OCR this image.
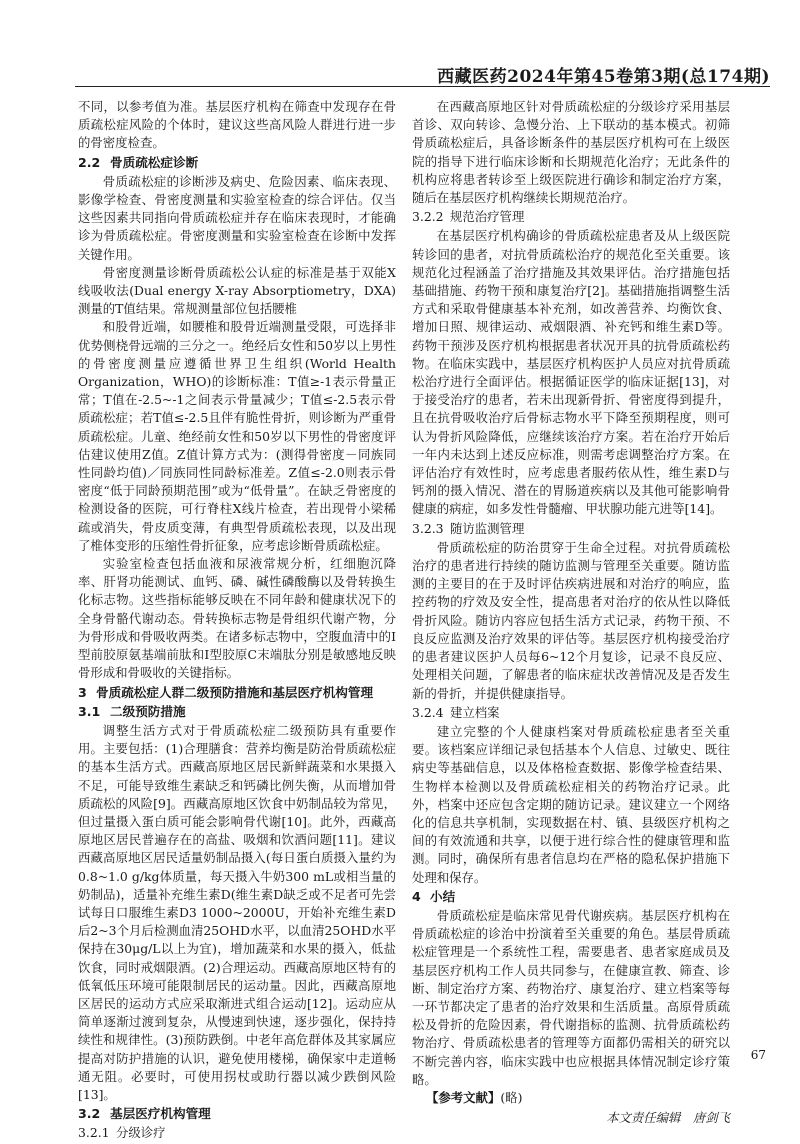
西藏医药2024年第45卷第3期(总174期)

不同，以参考值为准。基层医疗机构在筛查中发现存在骨质疏松症风险的个体时，建议这些高风险人群进行进一步的骨密度检查。

2.2 骨质疏松症诊断

骨质疏松症的诊断涉及病史、危险因素、临床表现、影像学检查、骨密度测量和实验室检查的综合评估。仅当这些因素共同指向骨质疏松症并存在临床表现时，才能确诊为骨质疏松症。骨密度测量和实验室检查在诊断中发挥关键作用。

骨密度测量诊断骨质疏松公认症的标准是基于双能X线吸收法(Dual energy X-ray Absorptiometry，DXA)测量的T值结果。常规测量部位包括腰椎

和股骨近端，如腰椎和股骨近端测量受限，可选择非优势侧桡骨远端的三分之一。绝经后女性和50岁以上男性的骨密度测量应遵循世界卫生组织(World Health Organization，WHO)的诊断标准：T值≥-1表示骨量正常；T值在-2.5~-1之间表示骨量减少；T值≤-2.5表示骨质疏松症；若T值≤-2.5且伴有脆性骨折，则诊断为严重骨质疏松症。儿童、绝经前女性和50岁以下男性的骨密度评估建议使用Z值。Z值计算方式为：(测得骨密度－同族同性同龄均值)／同族同性同龄标准差。Z值≤-2.0则表示骨密度“低于同龄预期范围”或为“低骨量”。在缺乏骨密度的检测设备的医院，可行脊柱X线片检查，若出现骨小梁稀疏或消失，骨皮质变薄，有典型骨质疏松表现，以及出现了椎体变形的压缩性骨折征象，应考虑诊断骨质疏松症。

实验室检查包括血液和尿液常规分析，红细胞沉降率、肝肾功能测试、血钙、磷、碱性磷酸酶以及骨转换生化标志物。这些指标能够反映在不同年龄和健康状况下的全身骨骼代谢动态。骨转换标志物是骨组织代谢产物，分为骨形成和骨吸收两类。在诸多标志物中，空腹血清中的Ⅰ型前胶原氨基端前肽和Ⅰ型胶原C末端肽分别是敏感地反映骨形成和骨吸收的关键指标。

3 骨质疏松症人群二级预防措施和基层医疗机构管理
3.1 二级预防措施

调整生活方式对于骨质疏松症二级预防具有重要作用。主要包括：(1)合理膳食：营养均衡是防治骨质疏松症的基本生活方式。西藏高原地区居民新鲜蔬菜和水果摄入不足，可能导致维生素缺乏和钙磷比例失衡，从而增加骨质疏松的风险[9]。西藏高原地区饮食中奶制品较为常见，但过量摄入蛋白质可能会影响骨代谢[10]。此外，西藏高原地区居民普遍存在的高盐、吸烟和饮酒问题[11]。建议西藏高原地区居民适量奶制品摄入(每日蛋白质摄入量约为0.8~1.0 g/kg体质量，每天摄入牛奶300 mL或相当量的奶制品)，适量补充维生素D(维生素D缺乏或不足者可先尝试每日口服维生素D3 1000~2000U，开始补充维生素D后2~3个月后检测血清25OHD水平，以血清25OHD水平保持在30μg/L以上为宜)，增加蔬菜和水果的摄入，低盐饮食，同时戒烟限酒。(2)合理运动。西藏高原地区特有的低氧低压环境可能限制居民的运动量。因此，西藏高原地区居民的运动方式应采取渐进式组合运动[12]。运动应从简单逐渐过渡到复杂，从慢速到快速，逐步强化，保持持续性和规律性。(3)预防跌倒。中老年高危群体及其家属应提高对防护措施的认识，避免使用楼梯，确保家中走道畅通无阻。必要时，可使用拐杖或助行器以减少跌倒风险[13]。

3.2 基层医疗机构管理
3.2.1 分级诊疗

在西藏高原地区针对骨质疏松症的分级诊疗采用基层首诊、双向转诊、急慢分治、上下联动的基本模式。初筛骨质疏松症后，具备诊断条件的基层医疗机构可在上级医院的指导下进行临床诊断和长期规范化治疗；无此条件的机构应将患者转诊至上级医院进行确诊和制定治疗方案，随后在基层医疗机构继续长期规范治疗。

3.2.2 规范治疗管理

在基层医疗机构确诊的骨质疏松症患者及从上级医院转诊回的患者，对抗骨质疏松治疗的规范化至关重要。该规范化过程涵盖了治疗措施及其效果评估。治疗措施包括基础措施、药物干预和康复治疗[2]。基础措施指调整生活方式和采取骨健康基本补充剂，如改善营养、均衡饮食、增加日照、规律运动、戒烟限酒、补充钙和维生素D等。药物干预涉及医疗机构根据患者状况开具的抗骨质疏松药物。在临床实践中，基层医疗机构医护人员应对抗骨质疏松治疗进行全面评估。根据循证医学的临床证据[13]，对于接受治疗的患者，若未出现新骨折、骨密度得到提升，且在抗骨吸收治疗后骨标志物水平下降至预期程度，则可认为骨折风险降低，应继续该治疗方案。若在治疗开始后一年内未达到上述反应标准，则需考虑调整治疗方案。在评估治疗有效性时，应考虑患者服药依从性，维生素D与钙剂的摄入情况、潜在的胃肠道疾病以及其他可能影响骨健康的病症，如多发性骨髓瘤、甲状腺功能亢进等[14]。

3.2.3 随访监测管理

骨质疏松症的防治贯穿于生命全过程。对抗骨质疏松治疗的患者进行持续的随访监测与管理至关重要。随访监测的主要目的在于及时评估疾病进展和对治疗的响应，监控药物的疗效及安全性，提高患者对治疗的依从性以降低骨折风险。随访内容应包括生活方式记录，药物干预、不良反应监测及治疗效果的评估等。基层医疗机构接受治疗的患者建议医护人员每6~12个月复诊，记录不良反应、处理相关问题，了解患者的临床症状改善情况及是否发生新的骨折，并提供健康指导。

3.2.4 建立档案

建立完整的个人健康档案对骨质疏松症患者至关重要。该档案应详细记录包括基本个人信息、过敏史、既往病史等基础信息，以及体格检查数据、影像学检查结果、生物样本检测以及骨质疏松症相关的药物治疗记录。此外，档案中还应包含定期的随访记录。建议建立一个网络化的信息共享机制，实现数据在村、镇、县级医疗机构之间的有效流通和共享，以便于进行综合性的健康管理和监测。同时，确保所有患者信息均在严格的隐私保护措施下处理和保存。

4 小结

骨质疏松症是临床常见骨代谢疾病。基层医疗机构在骨质疏松症的诊治中扮演着至关重要的角色。基层骨质疏松症管理是一个系统性工程，需要患者、患者家庭成员及基层医疗机构工作人员共同参与，在健康宣教、筛查、诊断、制定治疗方案、药物治疗、康复治疗、建立档案等每一环节都决定了患者的治疗效果和生活质量。高原骨质疏松及骨折的危险因素，骨代谢指标的监测、抗骨质疏松药物治疗、骨质疏松患者的管理等方面都仍需相关的研究以不断完善内容，临床实践中也应根据具体情况制定诊疗策略。

【参考文献】(略)
本文责任编辑　唐剑飞
67
